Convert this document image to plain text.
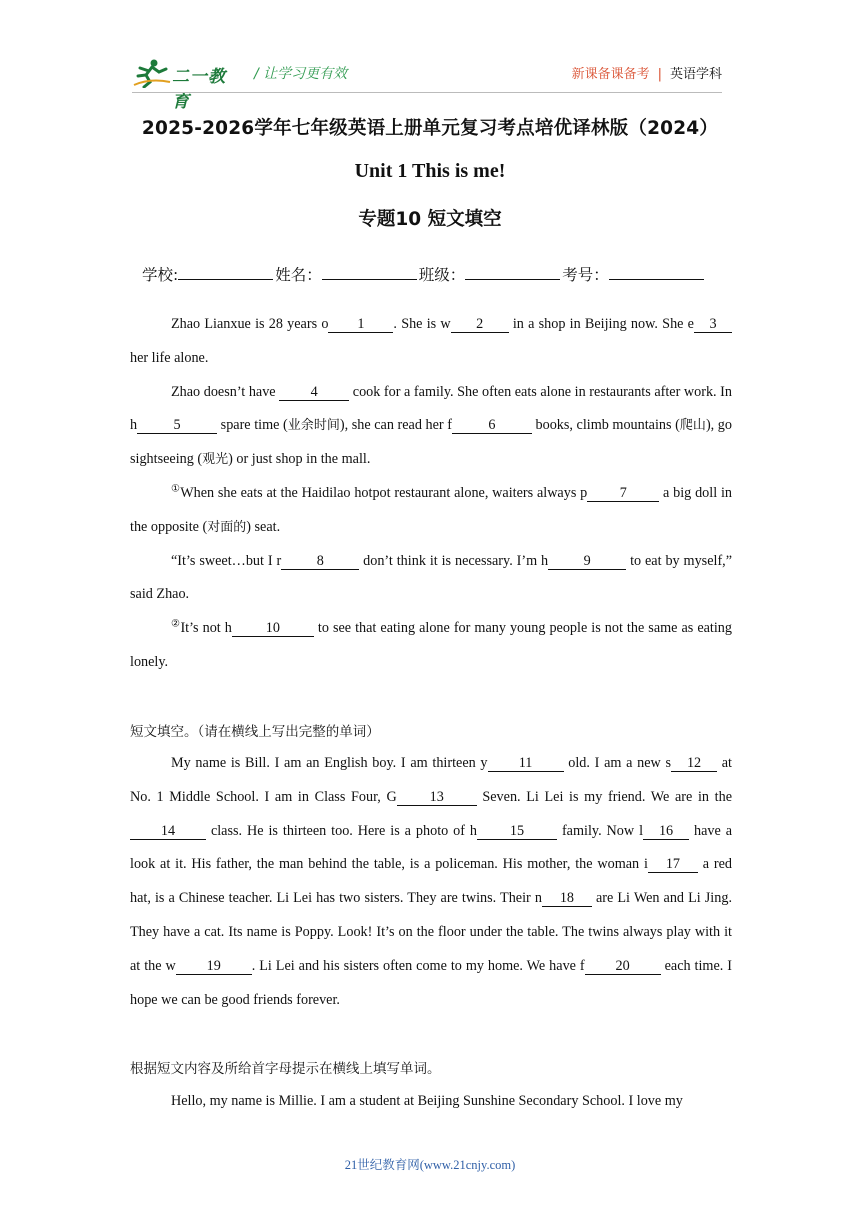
二一教育
/ 让学习更有效	新课备课备考 | 英语学科
2025-2026学年七年级英语上册单元复习考点培优译林版（2024）
Unit 1 This is me!
专题10 短文填空
学校:	姓名：	班级：	考号：
Zhao Lianxue is 28 years o 1 . She is w 2 in a shop in Beijing now. She e 3 her life alone.
Zhao doesn’t have 4 cook for a family. She often eats alone in restaurants after work. In h	5	spare time (业余时间), she can read her f	6	books, climb mountains (爬山), go sightseeing (观光) or just shop in the mall.
①When she eats at the Haidilao hotpot restaurant alone, waiters always p 7 a big doll in the opposite (对面的) seat.
“It’s sweet…but I r 8 don’t think it is necessary. I’m h 9 to eat by myself,” said Zhao.
②It’s not h 10 to see that eating alone for many young people is not the same as eating lonely.
短文填空。（请在横线上写出完整的单词）
My name is Bill. I am an English boy. I am thirteen y 11 old. I am a new s 12 at No. 1 Middle School. I am in Class Four, G 13 Seven. Li Lei is my friend. We are in the 14 class. He is thirteen too. Here is a photo of h 15 family. Now l 16 have a look at it. His father, the man behind the table, is a policeman. His mother, the woman i 17 a red hat, is a Chinese teacher. Li Lei has two sisters. They are twins. Their n 18 are Li Wen and Li Jing. They have a cat. Its name is Poppy. Look! It’s on the floor under the table. The twins always play with it at the w 19 . Li Lei and his sisters often come to my home. We have f 20 each time. I hope we can be good friends forever.
根据短文内容及所给首字母提示在横线上填写单词。
Hello, my name is Millie. I am a student at Beijing Sunshine Secondary School. I love my
21世纪教育网(www.21cnjy.com)
